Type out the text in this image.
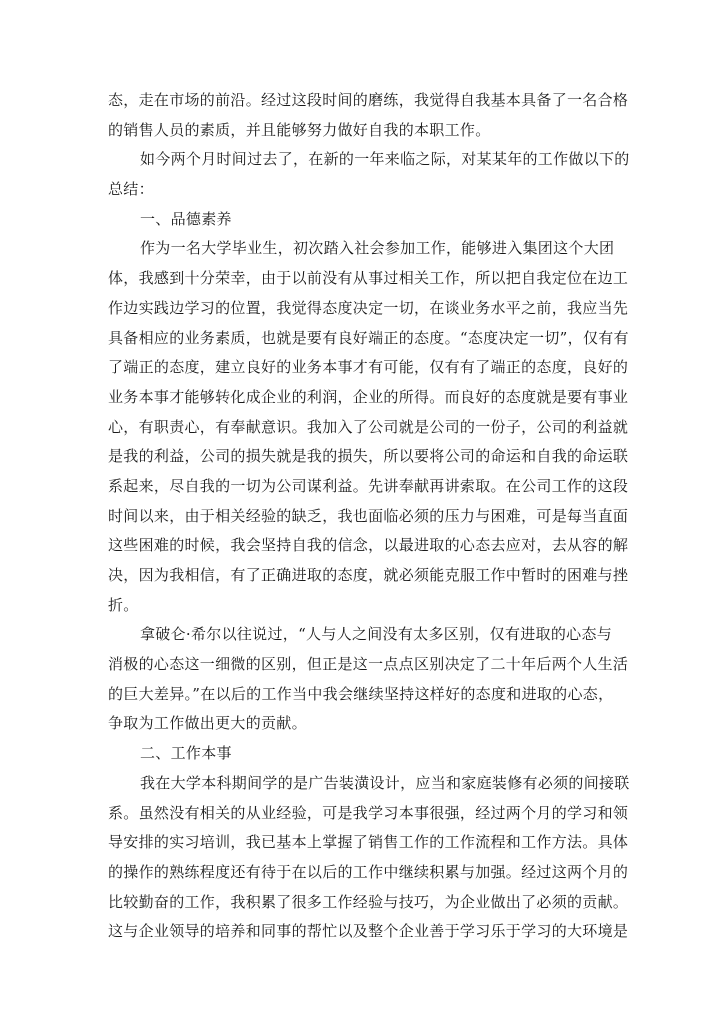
态，走在市场的前沿。经过这段时间的磨练，我觉得自我基本具备了一名合格
的销售人员的素质，并且能够努力做好自我的本职工作。
如今两个月时间过去了，在新的一年来临之际，对某某年的工作做以下的
总结：
一、品德素养
作为一名大学毕业生，初次踏入社会参加工作，能够进入集团这个大团
体，我感到十分荣幸，由于以前没有从事过相关工作，所以把自我定位在边工
作边实践边学习的位置，我觉得态度决定一切，在谈业务水平之前，我应当先
具备相应的业务素质，也就是要有良好端正的态度。“态度决定一切”，仅有有
了端正的态度，建立良好的业务本事才有可能，仅有有了端正的态度，良好的
业务本事才能够转化成企业的利润，企业的所得。而良好的态度就是要有事业
心，有职责心，有奉献意识。我加入了公司就是公司的一份子，公司的利益就
是我的利益，公司的损失就是我的损失，所以要将公司的命运和自我的命运联
系起来，尽自我的一切为公司谋利益。先讲奉献再讲索取。在公司工作的这段
时间以来，由于相关经验的缺乏，我也面临必须的压力与困难，可是每当直面
这些困难的时候，我会坚持自我的信念，以最进取的心态去应对，去从容的解
决，因为我相信，有了正确进取的态度，就必须能克服工作中暂时的困难与挫
折。
拿破仑·希尔以往说过，“人与人之间没有太多区别，仅有进取的心态与
消极的心态这一细微的区别，但正是这一点点区别决定了二十年后两个人生活
的巨大差异。”在以后的工作当中我会继续坚持这样好的态度和进取的心态，
争取为工作做出更大的贡献。
二、工作本事
我在大学本科期间学的是广告装潢设计，应当和家庭装修有必须的间接联
系。虽然没有相关的从业经验，可是我学习本事很强，经过两个月的学习和领
导安排的实习培训，我已基本上掌握了销售工作的工作流程和工作方法。具体
的操作的熟练程度还有待于在以后的工作中继续积累与加强。经过这两个月的
比较勤奋的工作，我积累了很多工作经验与技巧，为企业做出了必须的贡献。
这与企业领导的培养和同事的帮忙以及整个企业善于学习乐于学习的大环境是
